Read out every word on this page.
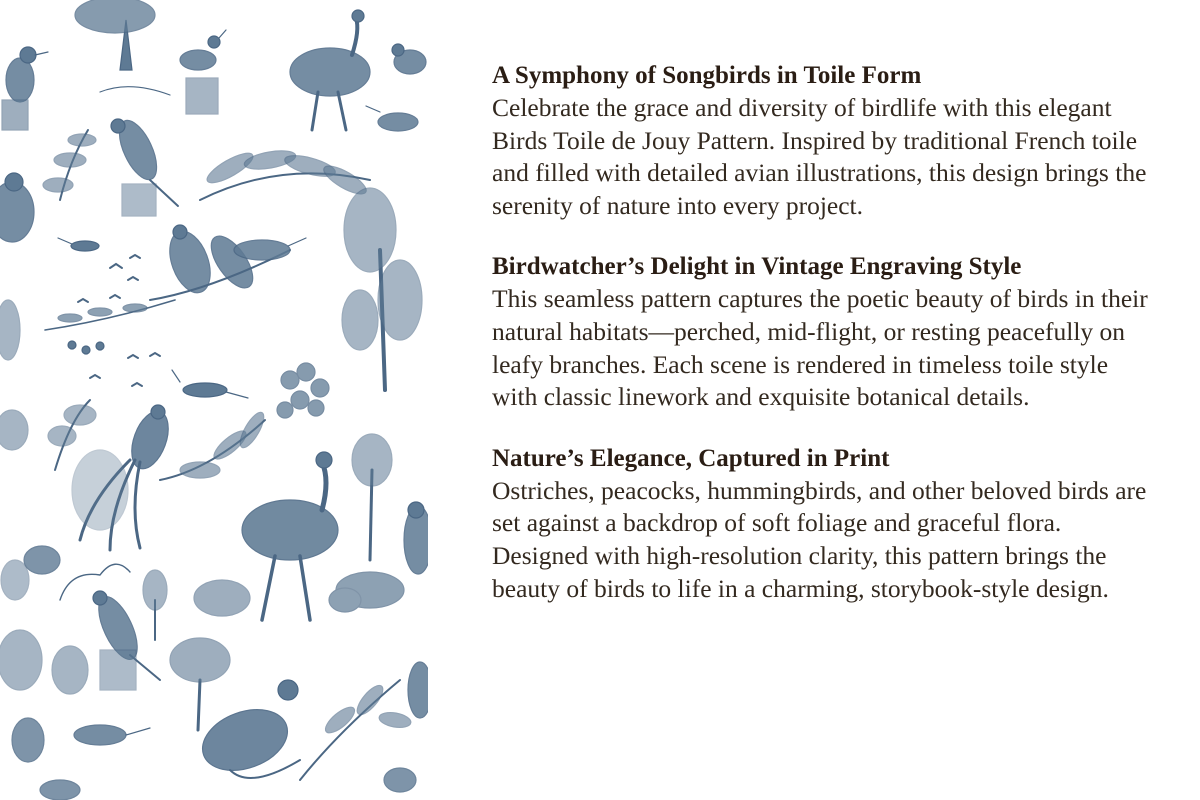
A Symphony of Songbirds in Toile Form

Celebrate the grace and diversity of birdlife with this elegant Birds Toile de Jouy Pattern. Inspired by traditional French toile and filled with detailed avian illustrations, this design brings the serenity of nature into every project.

Birdwatcher’s Delight in Vintage Engraving Style

This seamless pattern captures the poetic beauty of birds in their natural habitats—perched, mid-flight, or resting peacefully on leafy branches. Each scene is rendered in timeless toile style with classic linework and exquisite botanical details.

Nature’s Elegance, Captured in Print

Ostriches, peacocks, hummingbirds, and other beloved birds are set against a backdrop of soft foliage and graceful flora. Designed with high-resolution clarity, this pattern brings the beauty of birds to life in a charming, storybook-style design.
